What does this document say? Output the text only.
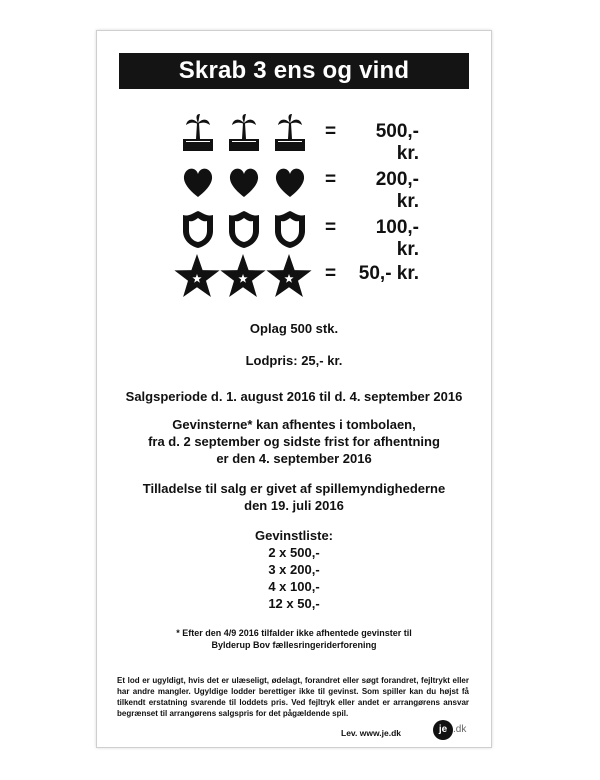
Skrab 3 ens og vind
=	500,- kr.
=	200,- kr.
=	100,- kr.
=	50,- kr.
Oplag 500 stk.
Lodpris: 25,- kr.
Salgsperiode d. 1. august 2016 til d. 4. september 2016
Gevinsterne* kan afhentes i tombolaen,
fra d. 2 september og sidste frist for afhentning
er den 4. september 2016
Tilladelse til salg er givet af spillemyndighederne
den 19. juli 2016
Gevinstliste:
2 x 500,-
3 x 200,-
4 x 100,-
12 x 50,-
* Efter den 4/9 2016 tilfalder ikke afhentede gevinster til
Bylderup Bov fællesringeriderforening
Et lod er ugyldigt, hvis det er ulæseligt, ødelagt, forandret eller søgt forandret, fejltrykt eller har andre mangler. Ugyldige lodder berettiger ikke til gevinst. Som spiller kan du højst få tilkendt erstatning svarende til loddets pris. Ved fejltryk eller andet er arrangørens ansvar begrænset til arrangørens salgspris for det pågældende spil.
Lev. www.je.dk	je .dk
